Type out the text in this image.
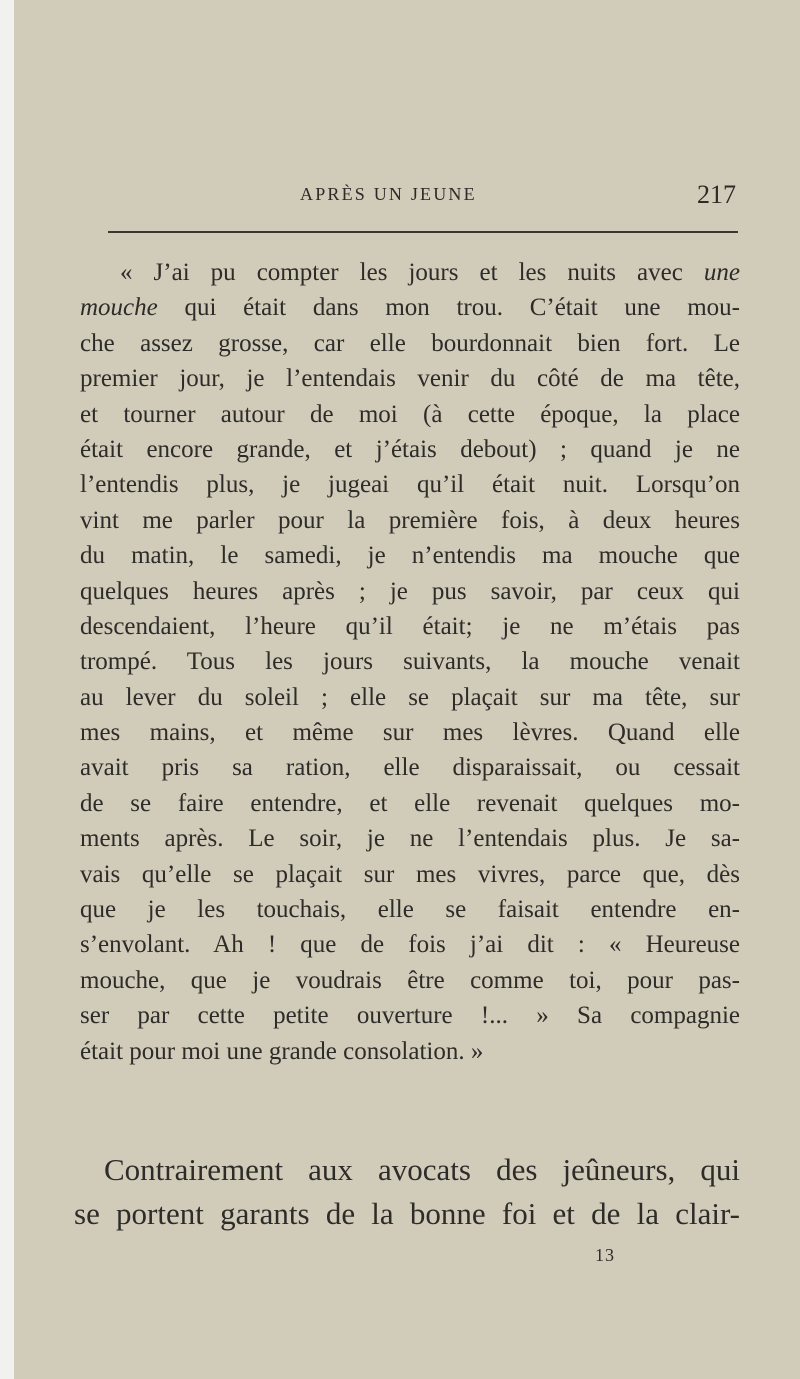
APRÈS UN JEUNE	217
« J’ai pu compter les jours et les nuits avec une
mouche qui était dans mon trou. C’était une mou-
che assez grosse, car elle bourdonnait bien fort. Le
premier jour, je l’entendais venir du côté de ma tête,
et tourner autour de moi (à cette époque, la place
était encore grande, et j’étais debout) ; quand je ne
l’entendis plus, je jugeai qu’il était nuit. Lorsqu’on
vint me parler pour la première fois, à deux heures
du matin, le samedi, je n’entendis ma mouche que
quelques heures après ; je pus savoir, par ceux qui
descendaient, l’heure qu’il était; je ne m’étais pas
trompé. Tous les jours suivants, la mouche venait
au lever du soleil ; elle se plaçait sur ma tête, sur
mes mains, et même sur mes lèvres. Quand elle
avait pris sa ration, elle disparaissait, ou cessait
de se faire entendre, et elle revenait quelques mo-
ments après. Le soir, je ne l’entendais plus. Je sa-
vais qu’elle se plaçait sur mes vivres, parce que, dès
que je les touchais, elle se faisait entendre en-
s’envolant. Ah ! que de fois j’ai dit : « Heureuse
mouche, que je voudrais être comme toi, pour pas-
ser par cette petite ouverture !... » Sa compagnie
était pour moi une grande consolation. »
Contrairement aux avocats des jeûneurs, qui
se portent garants de la bonne foi et de la clair-
13
